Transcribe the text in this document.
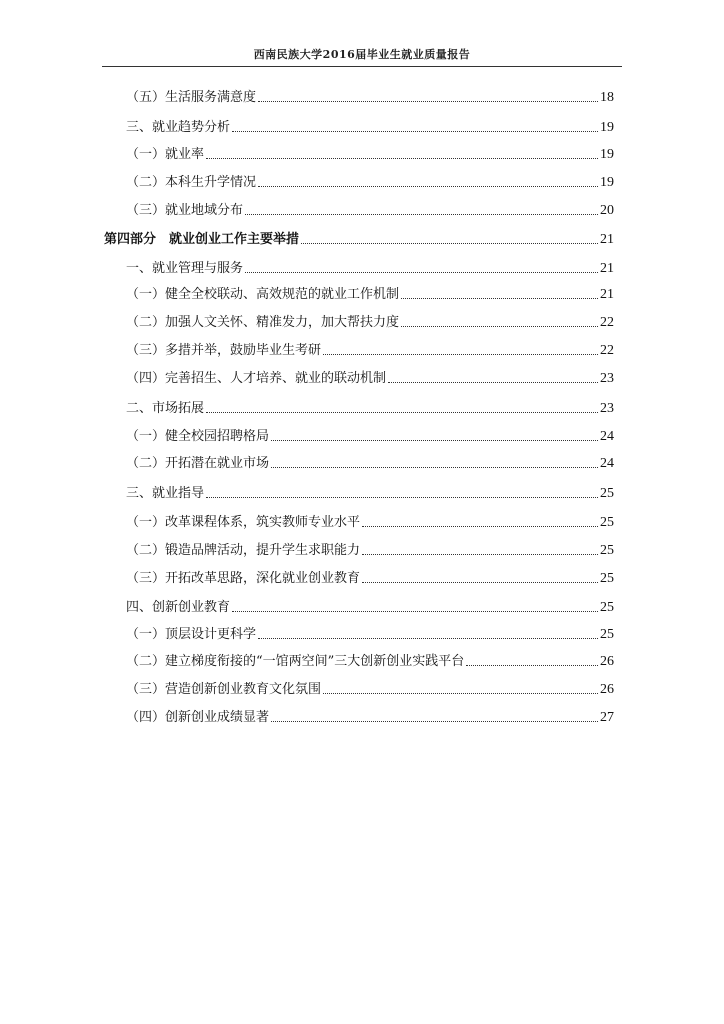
西南民族大学2016届毕业生就业质量报告
（五）生活服务满意度	18
三、就业趋势分析	19
（一）就业率	19
（二）本科生升学情况	19
（三）就业地域分布	20
第四部分　就业创业工作主要举措	21
一、就业管理与服务	21
（一）健全全校联动、高效规范的就业工作机制	21
（二）加强人文关怀、精准发力，加大帮扶力度	22
（三）多措并举，鼓励毕业生考研	22
（四）完善招生、人才培养、就业的联动机制	23
二、市场拓展	23
（一）健全校园招聘格局	24
（二）开拓潜在就业市场	24
三、就业指导	25
（一）改革课程体系，筑实教师专业水平	25
（二）锻造品牌活动，提升学生求职能力	25
（三）开拓改革思路，深化就业创业教育	25
四、创新创业教育	25
（一）顶层设计更科学	25
（二）建立梯度衔接的“一馆两空间”三大创新创业实践平台	26
（三）营造创新创业教育文化氛围	26
（四）创新创业成绩显著	27
